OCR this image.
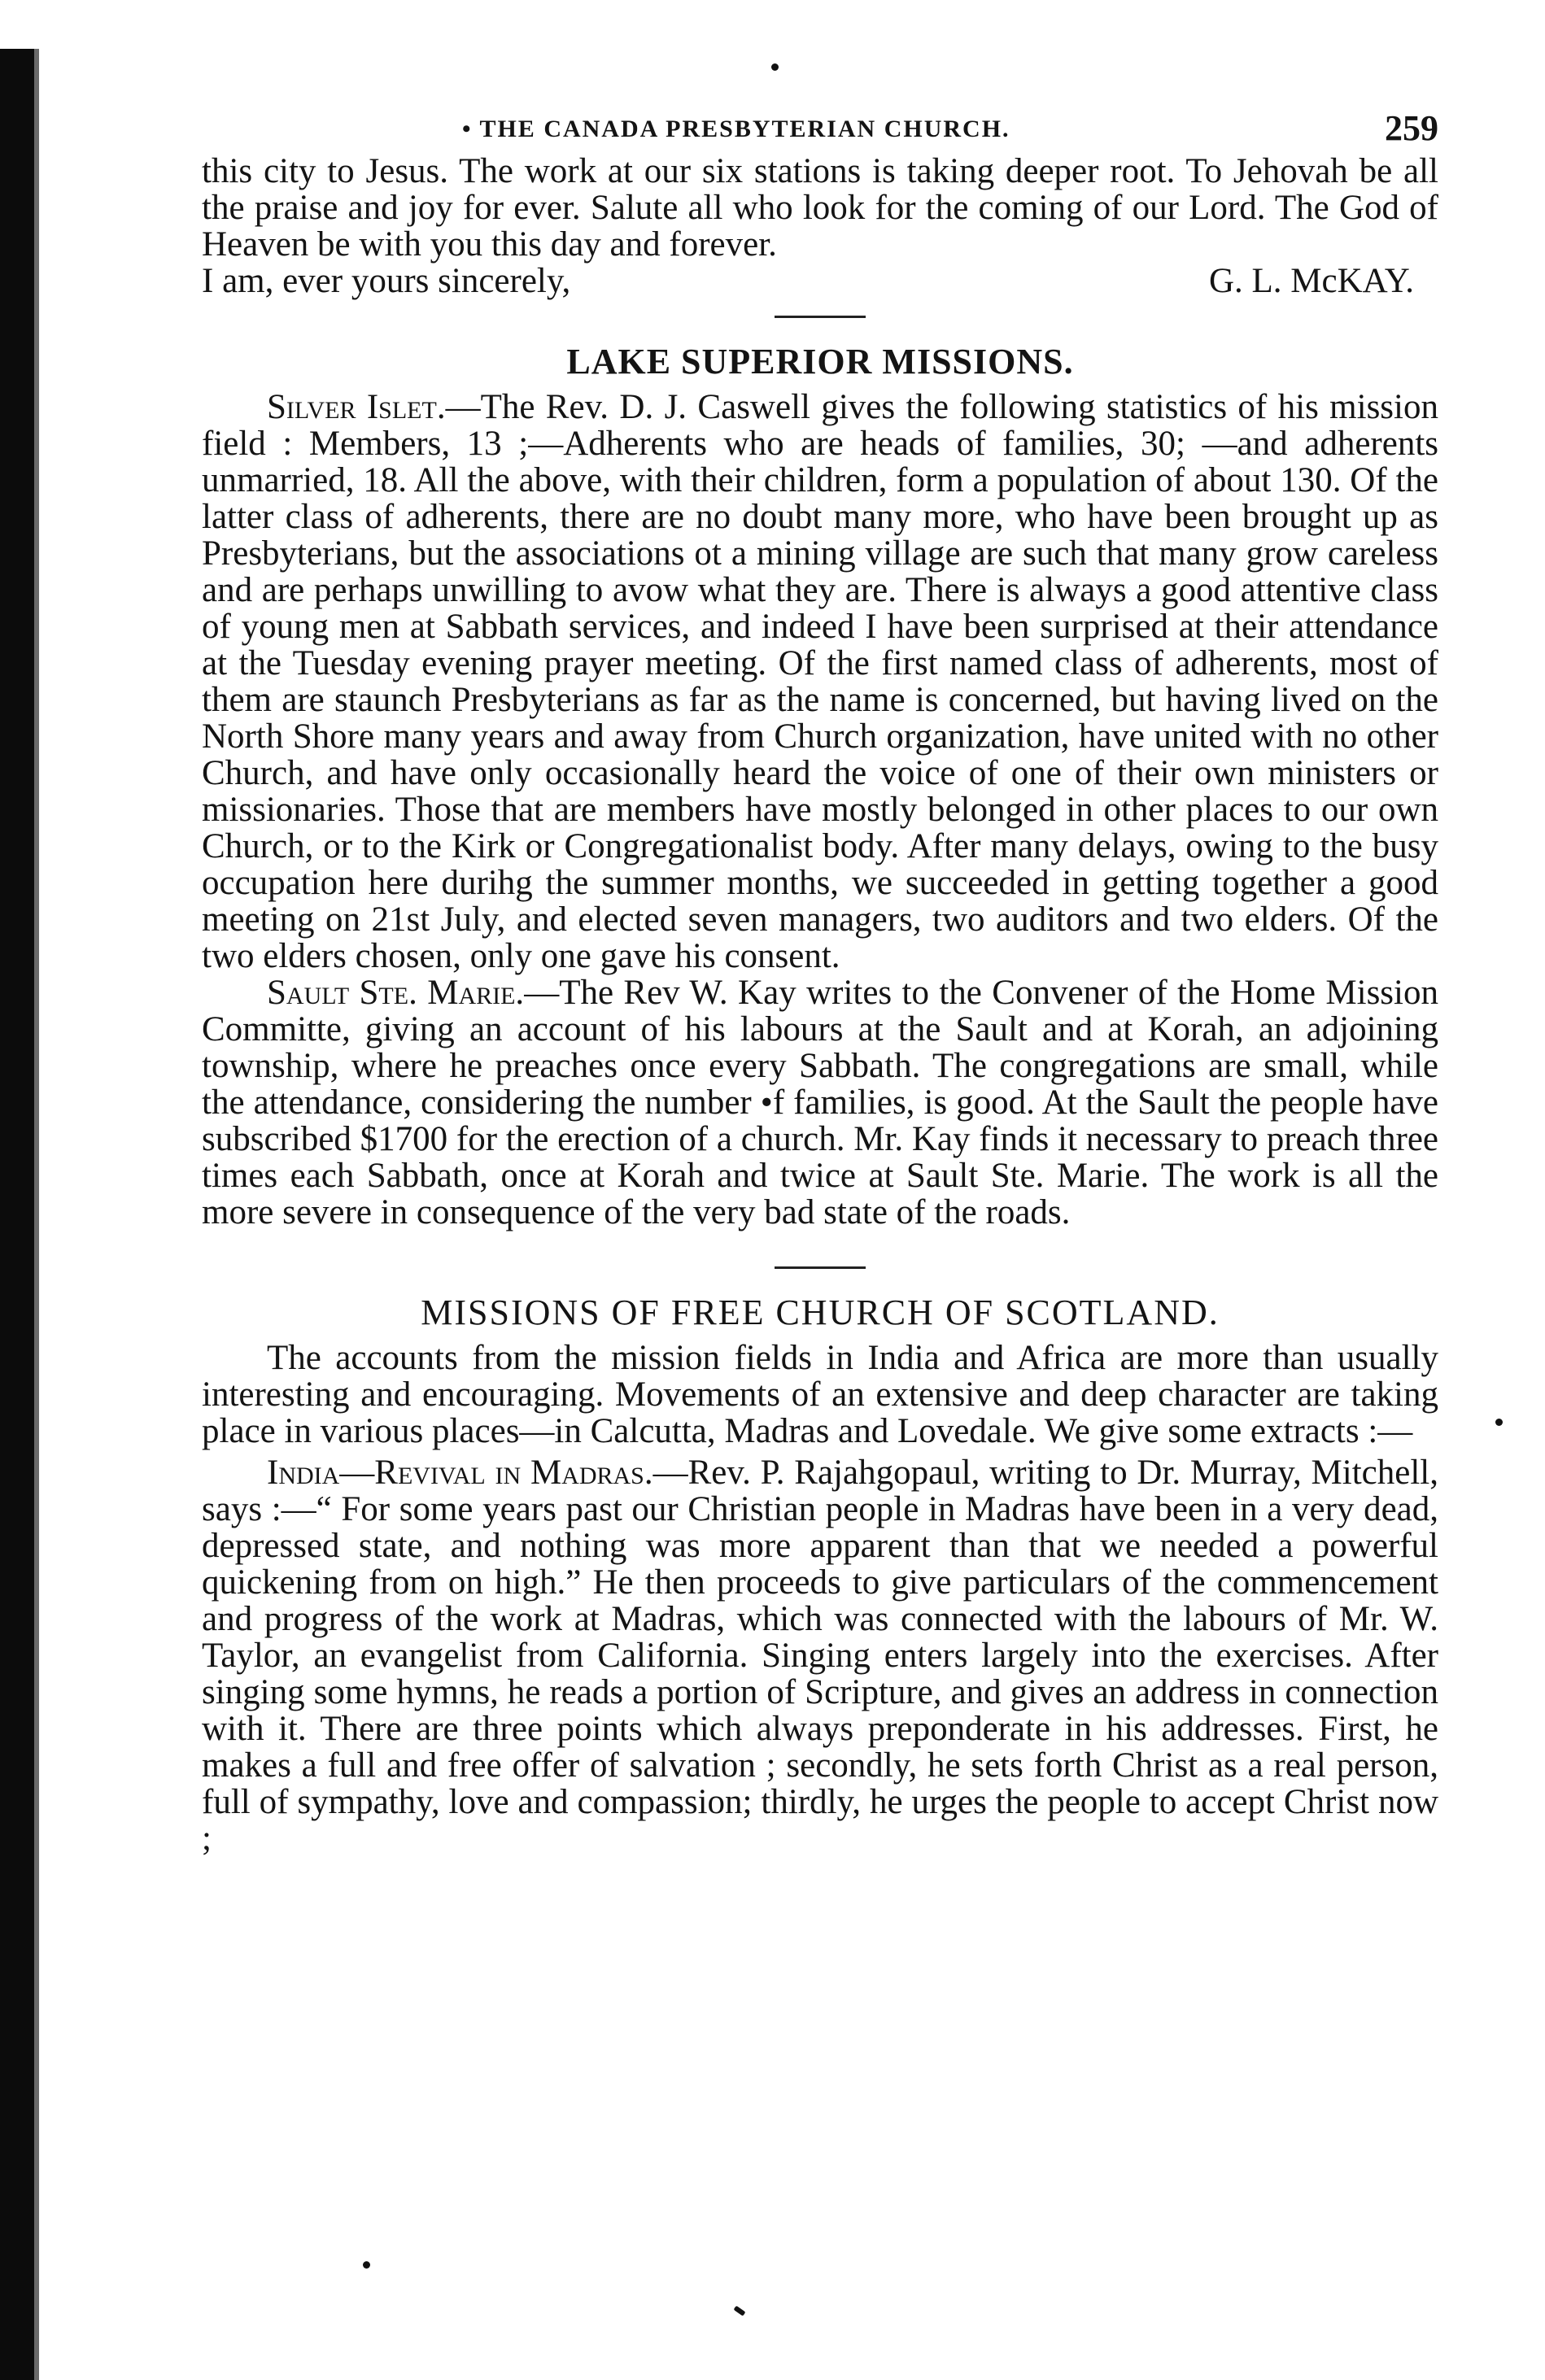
• THE CANADA PRESBYTERIAN CHURCH.	259

this city to Jesus. The work at our six stations is taking deeper root. To Jehovah be all the praise and joy for ever. Salute all who look for the coming of our Lord. The God of Heaven be with you this day and forever.

I am, ever yours sincerely,	G. L. McKAY.
LAKE SUPERIOR MISSIONS.

Silver Islet.—The Rev. D. J. Caswell gives the following statistics of his mission field : Members, 13 ;—Adherents who are heads of families, 30; —and adherents unmarried, 18. All the above, with their children, form a population of about 130. Of the latter class of adherents, there are no doubt many more, who have been brought up as Presbyterians, but the associations ot a mining village are such that many grow careless and are perhaps unwilling to avow what they are. There is always a good attentive class of young men at Sabbath services, and indeed I have been surprised at their attendance at the Tuesday evening prayer meeting. Of the first named class of adherents, most of them are staunch Presbyterians as far as the name is concerned, but having lived on the North Shore many years and away from Church organization, have united with no other Church, and have only occasionally heard the voice of one of their own ministers or missionaries. Those that are members have mostly belonged in other places to our own Church, or to the Kirk or Congregationalist body. After many delays, owing to the busy occupation here durihg the summer months, we succeeded in getting together a good meeting on 21st July, and elected seven managers, two auditors and two elders. Of the two elders chosen, only one gave his consent.

Sault Ste. Marie.—The Rev W. Kay writes to the Convener of the Home Mission Committe, giving an account of his labours at the Sault and at Korah, an adjoining township, where he preaches once every Sabbath. The congregations are small, while the attendance, considering the number •f families, is good. At the Sault the people have subscribed $1700 for the erection of a church. Mr. Kay finds it necessary to preach three times each Sabbath, once at Korah and twice at Sault Ste. Marie. The work is all the more severe in consequence of the very bad state of the roads.

MISSIONS OF FREE CHURCH OF SCOTLAND.

The accounts from the mission fields in India and Africa are more than usually interesting and encouraging. Movements of an extensive and deep character are taking place in various places—in Calcutta, Madras and Lovedale. We give some extracts :—

India—Revival in Madras.—Rev. P. Rajahgopaul, writing to Dr. Murray, Mitchell, says :—“ For some years past our Christian people in Madras have been in a very dead, depressed state, and nothing was more apparent than that we needed a powerful quickening from on high.” He then proceeds to give particulars of the commencement and progress of the work at Madras, which was connected with the labours of Mr. W. Taylor, an evangelist from California. Singing enters largely into the exercises. After singing some hymns, he reads a portion of Scripture, and gives an address in connection with it. There are three points which always preponderate in his addresses. First, he makes a full and free offer of salvation ; secondly, he sets forth Christ as a real person, full of sympathy, love and compassion; thirdly, he urges the people to accept Christ now ;
